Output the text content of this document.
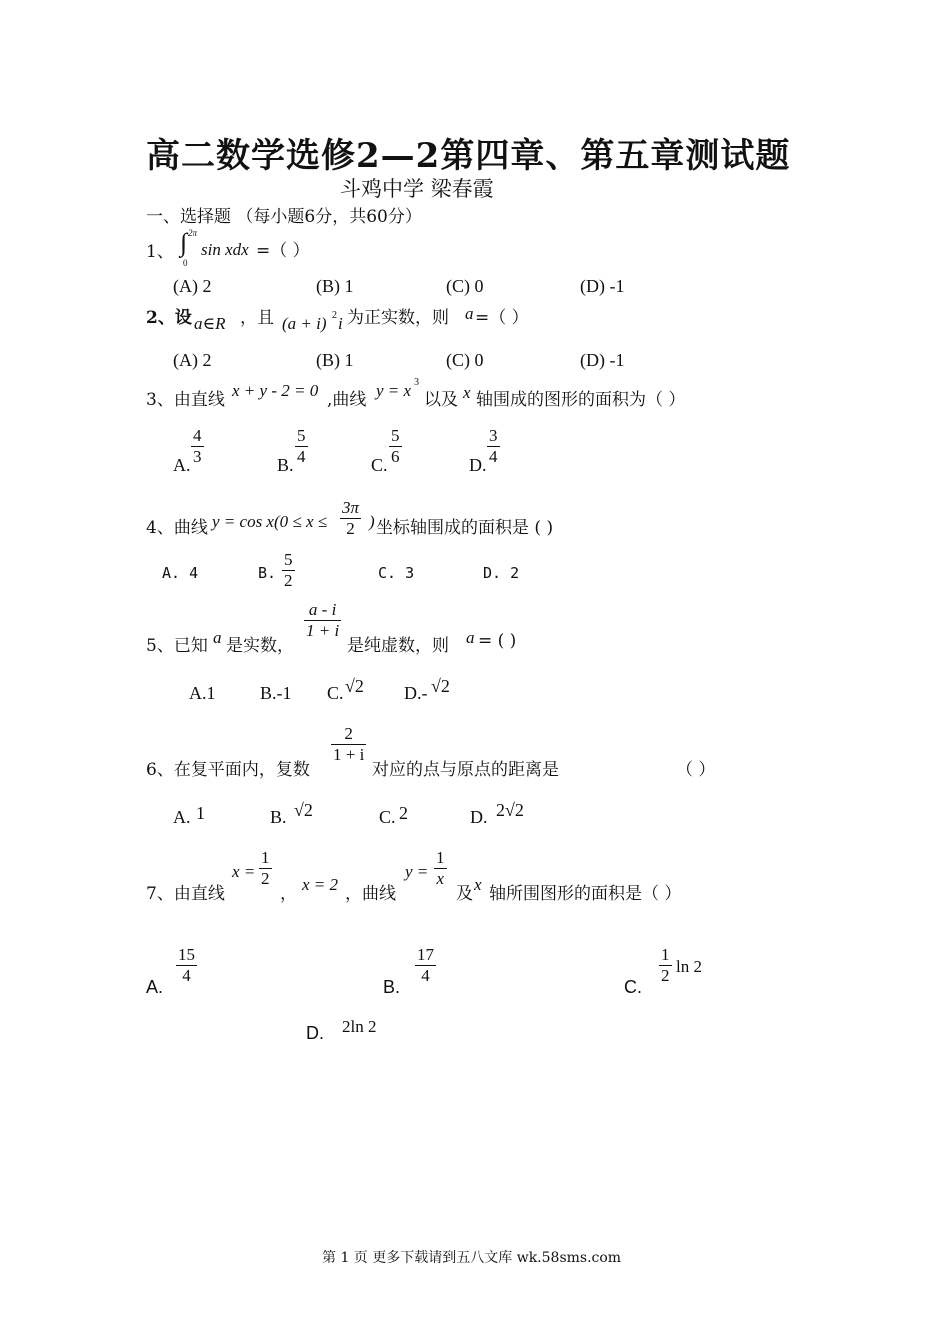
高二数学选修2—2第四章、第五章测试题
斗鸡中学 梁春霞
一、选择题 （每小题6分，共60分）
1、 ∫ 2π
0
sin xdx =（ ）
(A) 2	(B) 1	(C) 0	(D) -1
2、设 a∈R ，且 (a + i) 2 i 为正实数，则 a =（ ）
(A) 2	(B) 1	(C) 0	(D) -1
3、由直线 x + y - 2 = 0 ,曲线 y = x 3
以及 x 轴围成的图形的面积为（ ）
A. $\frac{4}{3}$	B. $\frac{5}{4}$	C. $\frac{5}{6}$	D. $\frac{3}{4}$
4、曲线 $y = \cos x(0 \le x \le \frac{3\pi}{2}$ ) 坐标轴围成的面积是 ( )
A. 4	B. $\frac{5}{2}$	C. 3	D. 2
5、已知 a 是实数，
$\frac{a - i}{1 + i}$
是纯虚数，则 a = ( )
A.1 B.-1 C. √2 D.- √2
6、在复平面内，复数
$\frac{2}{1 + i}$
对应的点与原点的距离是	（ ）
A. 1	B. √2	C. 2	D. 2√2
7、由直线
$x = \frac{1}{2}$
， x = 2 ，曲线
$y = \frac{1}{x}$
及 x 轴所围图形的面积是（ ）
A.
$\frac{15}{4}$
B.
$\frac{17}{4}$
C.
$\frac{1}{2}$ ln 2
D. 2ln 2
第 1 页 更多下载请到五八文库 wk.58sms.com
